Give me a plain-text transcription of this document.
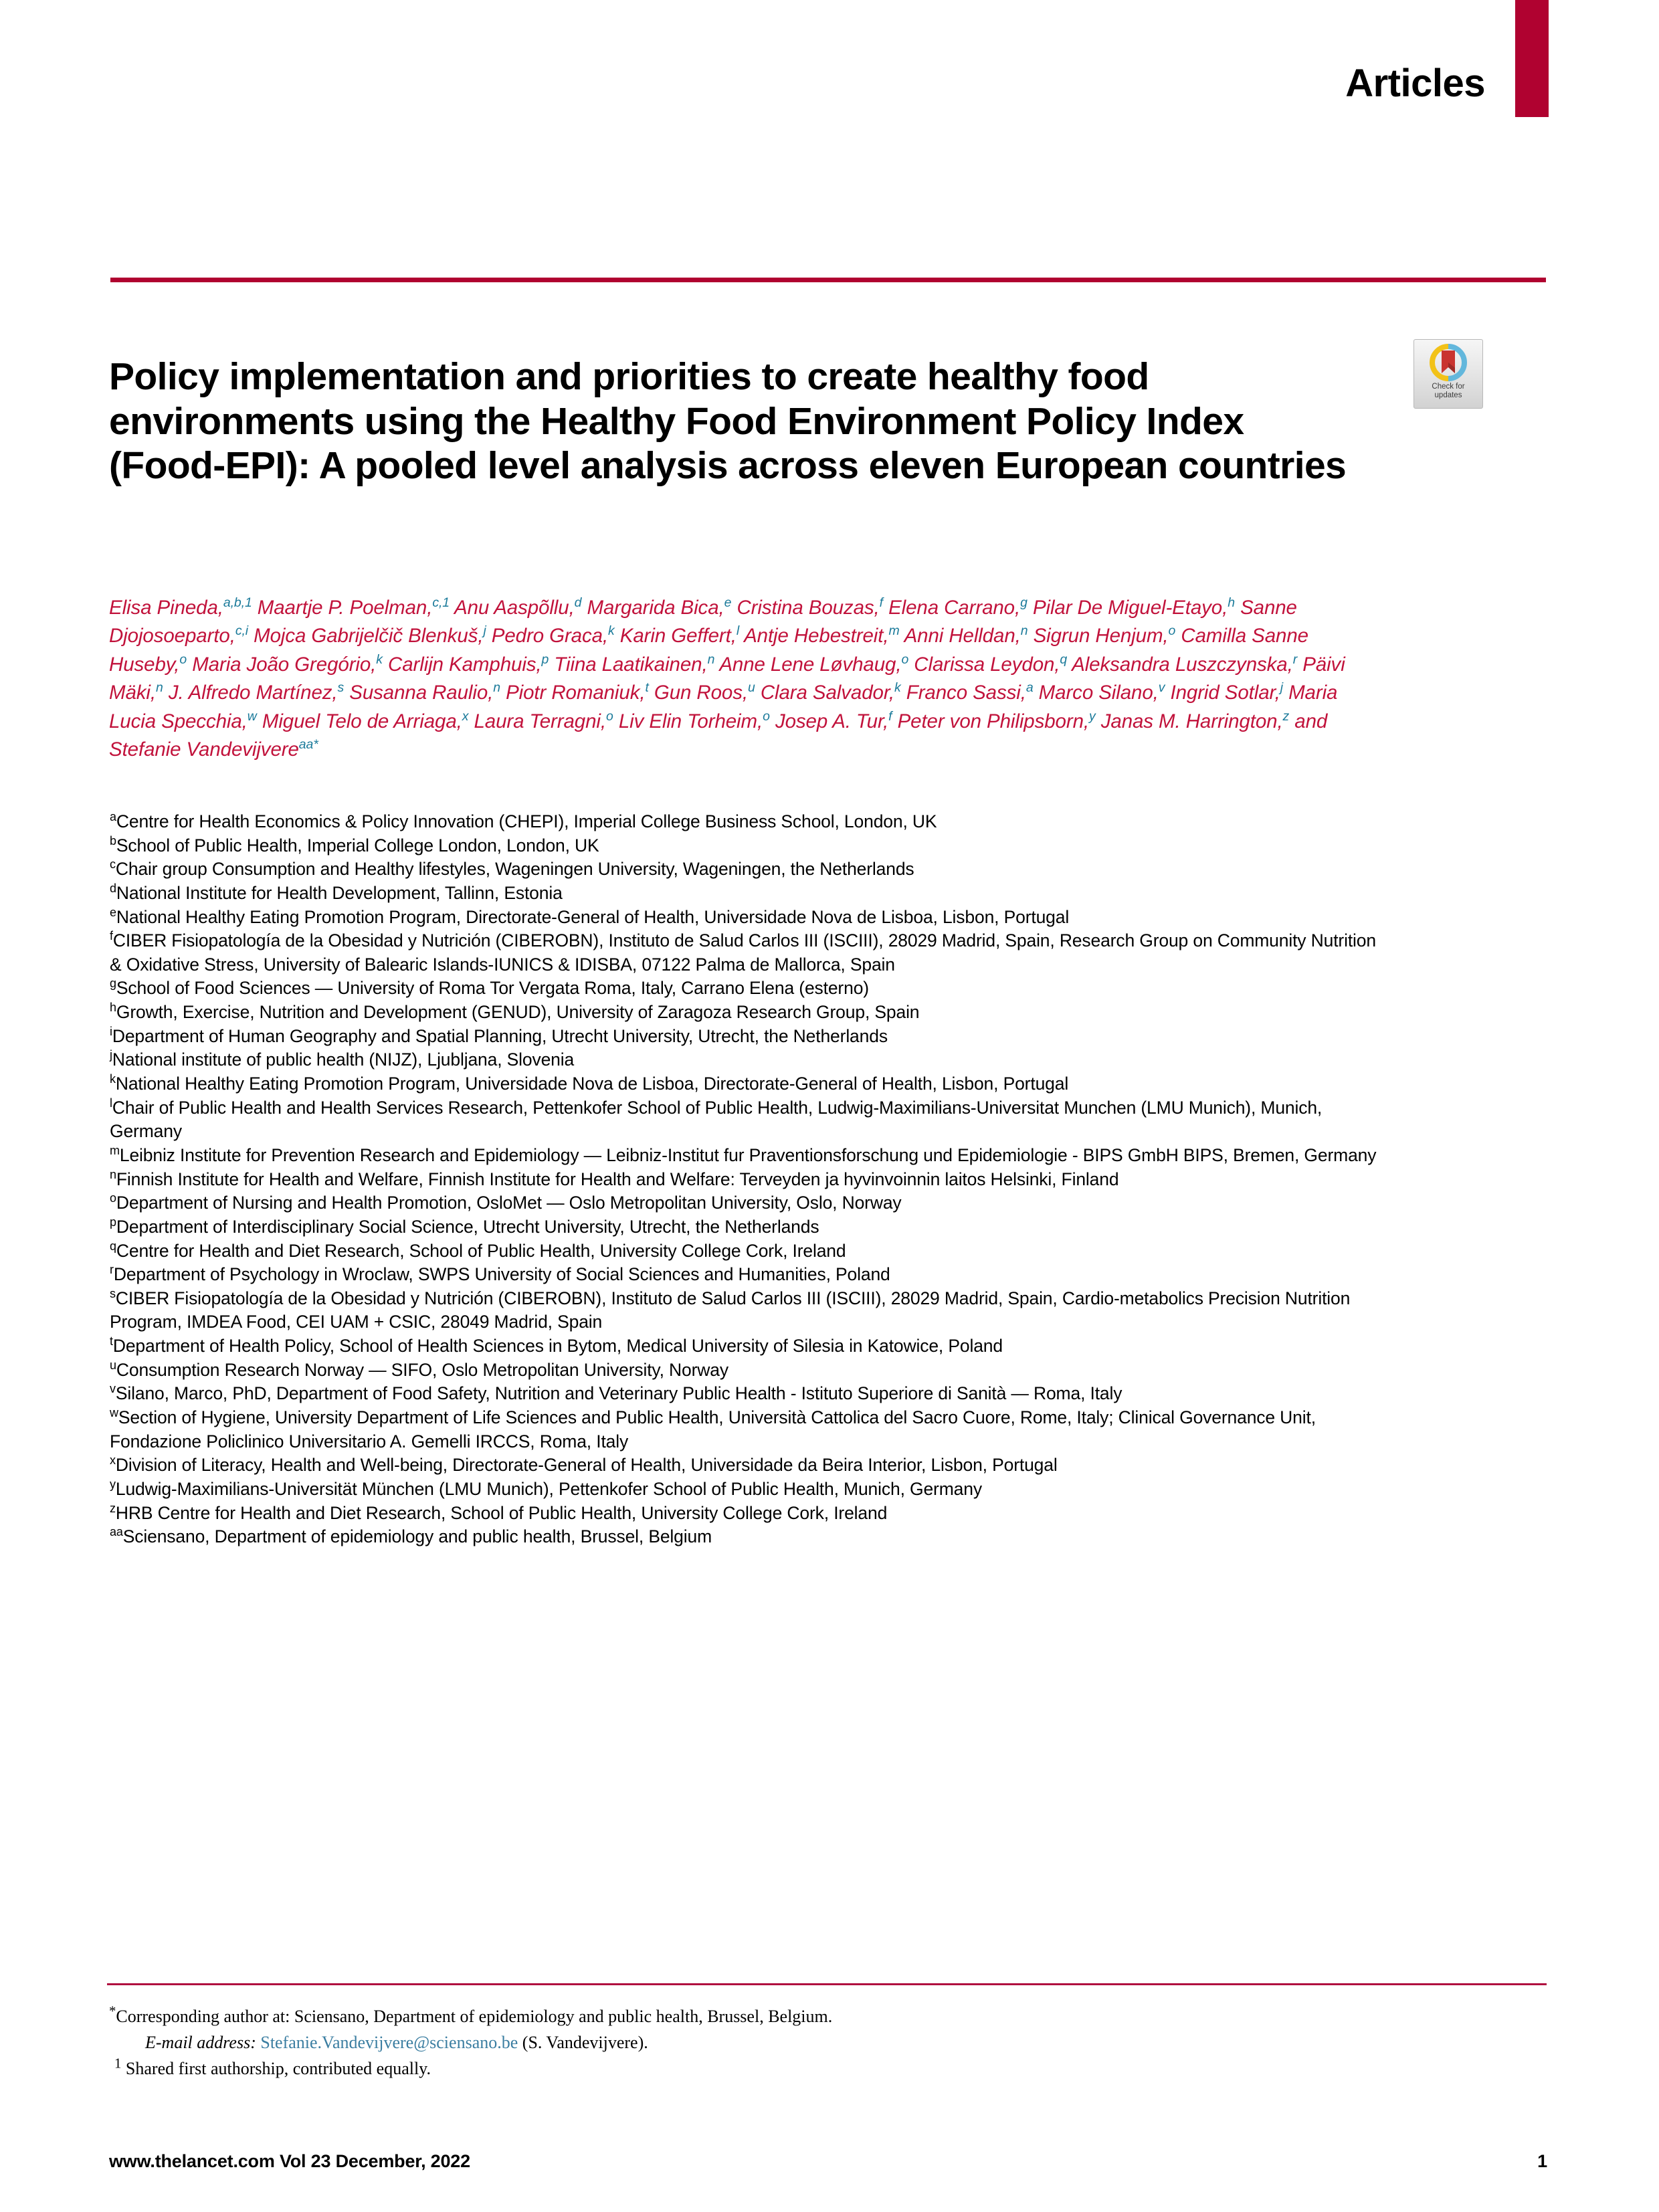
Articles
Policy implementation and priorities to create healthy food environments using the Healthy Food Environment Policy Index (Food-EPI): A pooled level analysis across eleven European countries
Check for
updates
Elisa Pineda,$^{a,b,1}$ Maartje P. Poelman,$^{c,1}$ Anu Aaspõllu,$^d$ Margarida Bica,$^e$ Cristina Bouzas,$^f$ Elena Carrano,$^g$ Pilar De Miguel-Etayo,$^h$ Sanne Djojosoeparto,$^{c,i}$ Mojca Gabrijelčič Blenkuš,$^j$ Pedro Graca,$^k$ Karin Geffert,$^l$ Antje Hebestreit,$^m$ Anni Helldan,$^n$ Sigrun Henjum,$^o$ Camilla Sanne Huseby,$^o$ Maria João Gregório,$^k$ Carlijn Kamphuis,$^p$ Tiina Laatikainen,$^n$ Anne Lene Løvhaug,$^o$ Clarissa Leydon,$^q$ Aleksandra Luszczynska,$^r$ Päivi Mäki,$^n$ J. Alfredo Martínez,$^s$ Susanna Raulio,$^n$ Piotr Romaniuk,$^t$ Gun Roos,$^u$ Clara Salvador,$^k$ Franco Sassi,$^a$ Marco Silano,$^v$ Ingrid Sotlar,$^j$ Maria Lucia Specchia,$^w$ Miguel Telo de Arriaga,$^x$ Laura Terragni,$^o$ Liv Elin Torheim,$^o$ Josep A. Tur,$^f$ Peter von Philipsborn,$^y$ Janas M. Harrington,$^z$ and Stefanie Vandevijvere$^{aa*}$
$^a$Centre for Health Economics & Policy Innovation (CHEPI), Imperial College Business School, London, UK
$^b$School of Public Health, Imperial College London, London, UK
$^c$Chair group Consumption and Healthy lifestyles, Wageningen University, Wageningen, the Netherlands
$^d$National Institute for Health Development, Tallinn, Estonia
$^e$National Healthy Eating Promotion Program, Directorate-General of Health, Universidade Nova de Lisboa, Lisbon, Portugal
$^f$CIBER Fisiopatología de la Obesidad y Nutrición (CIBEROBN), Instituto de Salud Carlos III (ISCIII), 28029 Madrid, Spain, Research Group on Community Nutrition & Oxidative Stress, University of Balearic Islands-IUNICS & IDISBA, 07122 Palma de Mallorca, Spain
$^g$School of Food Sciences — University of Roma Tor Vergata Roma, Italy, Carrano Elena (esterno)
$^h$Growth, Exercise, Nutrition and Development (GENUD), University of Zaragoza Research Group, Spain
$^i$Department of Human Geography and Spatial Planning, Utrecht University, Utrecht, the Netherlands
$^j$National institute of public health (NIJZ), Ljubljana, Slovenia
$^k$National Healthy Eating Promotion Program, Universidade Nova de Lisboa, Directorate-General of Health, Lisbon, Portugal
$^l$Chair of Public Health and Health Services Research, Pettenkofer School of Public Health, Ludwig-Maximilians-Universitat Munchen (LMU Munich), Munich, Germany
$^m$Leibniz Institute for Prevention Research and Epidemiology — Leibniz-Institut fur Praventionsforschung und Epidemiologie - BIPS GmbH BIPS, Bremen, Germany
$^n$Finnish Institute for Health and Welfare, Finnish Institute for Health and Welfare: Terveyden ja hyvinvoinnin laitos Helsinki, Finland
$^o$Department of Nursing and Health Promotion, OsloMet — Oslo Metropolitan University, Oslo, Norway
$^p$Department of Interdisciplinary Social Science, Utrecht University, Utrecht, the Netherlands
$^q$Centre for Health and Diet Research, School of Public Health, University College Cork, Ireland
$^r$Department of Psychology in Wroclaw, SWPS University of Social Sciences and Humanities, Poland
$^s$CIBER Fisiopatología de la Obesidad y Nutrición (CIBEROBN), Instituto de Salud Carlos III (ISCIII), 28029 Madrid, Spain, Cardio-metabolics Precision Nutrition Program, IMDEA Food, CEI UAM + CSIC, 28049 Madrid, Spain
$^t$Department of Health Policy, School of Health Sciences in Bytom, Medical University of Silesia in Katowice, Poland
$^u$Consumption Research Norway — SIFO, Oslo Metropolitan University, Norway
$^v$Silano, Marco, PhD, Department of Food Safety, Nutrition and Veterinary Public Health - Istituto Superiore di Sanità — Roma, Italy
$^w$Section of Hygiene, University Department of Life Sciences and Public Health, Università Cattolica del Sacro Cuore, Rome, Italy; Clinical Governance Unit, Fondazione Policlinico Universitario A. Gemelli IRCCS, Roma, Italy
$^x$Division of Literacy, Health and Well-being, Directorate-General of Health, Universidade da Beira Interior, Lisbon, Portugal
$^y$Ludwig-Maximilians-Universität München (LMU Munich), Pettenkofer School of Public Health, Munich, Germany
$^z$HRB Centre for Health and Diet Research, School of Public Health, University College Cork, Ireland
$^{aa}$Sciensano, Department of epidemiology and public health, Brussel, Belgium
*Corresponding author at: Sciensano, Department of epidemiology and public health, Brussel, Belgium.
E-mail address: Stefanie.Vandevijvere@sciensano.be (S. Vandevijvere).
$^1$ Shared first authorship, contributed equally.
www.thelancet.com Vol 23 December, 2022	1
